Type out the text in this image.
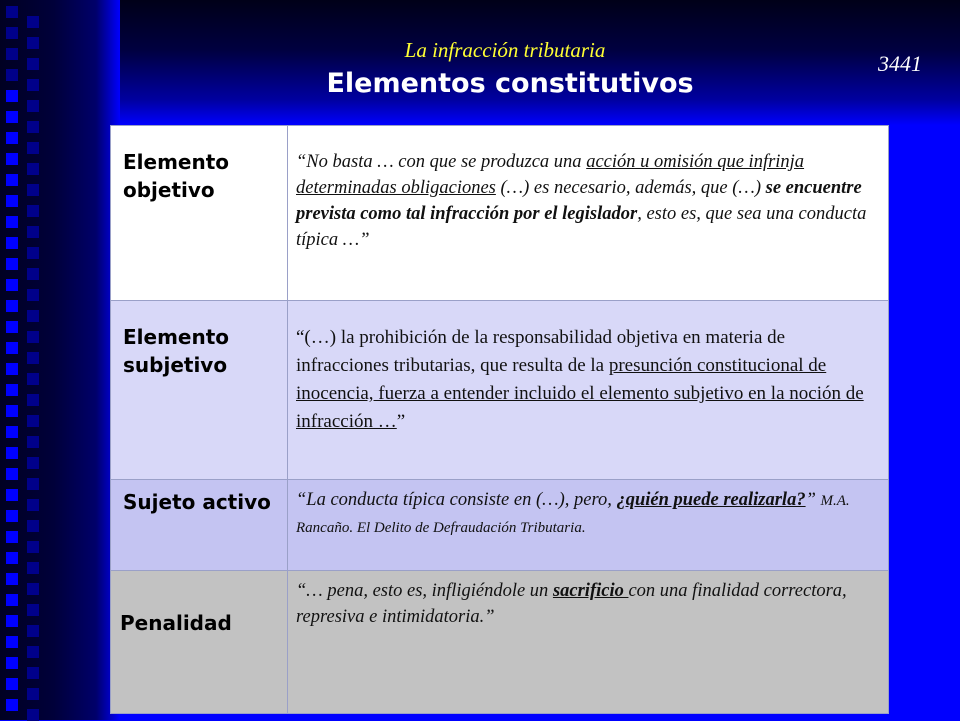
La infracción tributaria
Elementos constitutivos
3441
Elemento objetivo	“No basta … con que se produzca una acción u omisión que infrinja determinadas obligaciones (…) es necesario, además, que (…) se encuentre prevista como tal infracción por el legislador, esto es, que sea una conducta típica …”

Elemento subjetivo	“(…) la prohibición de la responsabilidad objetiva en materia de infracciones tributarias, que resulta de la presunción constitucional de inocencia, fuerza a entender incluido el elemento subjetivo en la noción de infracción …”

Sujeto activo	“La conducta típica consiste en (…), pero, ¿quién puede realizarla?” M.A. Rancaño. El Delito de Defraudación Tributaria.

Penalidad	“… pena, esto es, infligiéndole un sacrificio con una finalidad correctora, represiva e intimidatoria.”
